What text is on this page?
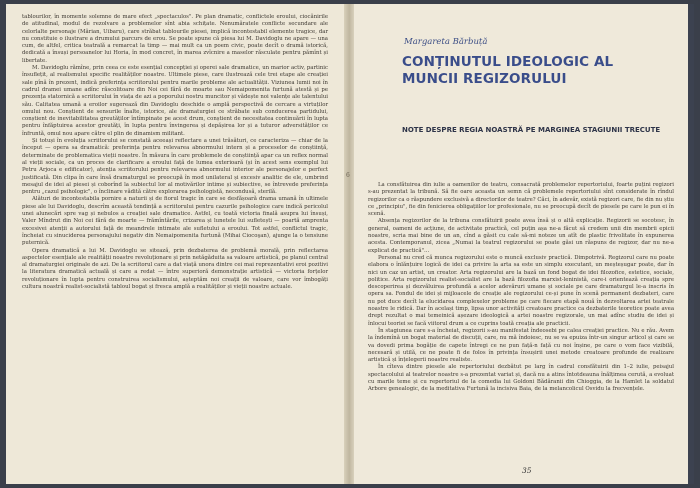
tablourilor, în momente solemne de mare efect „spectaculos". Pe plan dramatic, conflictele eroului, ciocănirile de atitudinal, modul de rezolvare a problemelor sînt abia schițate. Nenumăratele conflicte secundare ale celorlalte personaje (Mărian, Uibaru), care străbat tablourile piesei, implică incontestabil elemente tragice, dar nu constituie o ilustrare a drumului parcurs de erou. Se poate spune că piesa lui M. Davidoglu ne apare — una cum, de altfel, critica teatrală a remarcat la timp — mai mult ca un poem civic, poate decît o dramă istorică, dedicată a însuși persoanelor lui Horia, în mod concret, în marea zvîcnire a maselor răsculate pentru pămînt și libertate.

M. Davidoglu rămîne, prin ceea ce este esențial concepției și operei sale dramatice, un marior activ, partinic însuflețit, al realismului specific realităților noastre. Ultimele piese, care ilustrează cele trei etape ale creației sale pînă în prezent, indică preferința scriitorului pentru marile probleme ale actualității. Viziunea lumii noi în cadrul dramei umane adînc răscolitoare din Noi cei fără de moarte sau Nemaipomenita furtună atestă și pe prezența statornică a scriitorului în viața de azi a poporului nostru muncitor și vădește noi valențe ale talentului său. Calitatea umană a eroilor sugerează din Davidoglu deschide o amplă perspectivă de cercare a virtuților omului nou. Conștient de sensurile înalte, istorice, ale dramaturgiei ce străbate sub conducerea partidului, conștient de inevitabilitatea greutăților întîmpinate pe acest drum, conștient de necesitatea continuării în lupta pentru înfăptuirea acestor greutăți, în lupta pentru învingerea și depășirea lor și a tuturor adversităților ce înfruntă, omul nou apare către el plin de dinamism militant.

Și totuși în evoluția scriitorului se constată aceeași reflectare a unei trăsături, ce caracteriza — chiar de la început — opera sa dramatică: preferința pentru relevarea abnormului intern și a proceselor de conștiință, determinate de problematica vieții noastre. În măsura în care problemele de conștiință apar ca un reflex normal al vieții sociale, ca un proces de clarificare a eroului față de lumea exterioară (și în acest sens exemplul lui Petru Arjoca e edificator), atenția scriitorului pentru relevarea abnormului interior ale personajelor e perfect justificată. Din clipa în care însă dramaturgul se preocupă în mod unilateral și excesiv analitic de ele, umbrind mesajul de idei al piesei și coborînd la subiectul lor al motivărilor intime și subiective, se întrevede preferința pentru „cazul psihologic", o înclinare vădită către explorarea psihologistă, necondusă, sterilă.

Alături de incontestabila pornire a naturii și de fiorul tragic în care se desfășoară drama umană în ultimele piese ale lui Davidoglu, descrîm această tendință a scriitorului pentru cazurile psihologice care indică pericolul unei alunecări spre vag și nebulos a creației sale dramatice. Astfel, cu toată victoria finală asupra lui însuși, Valer Mîndrut din Noi cei fără de moarte — frămîntările, crizarea și lunetele lui sufletești — poartă amprenta excesivei atenții a autorului față de meandrele intimate ale sufletului a eroului. Tot astfel, conflictul tragic, încheiat cu sinuciderea personajului negativ din Nemaipomenita furtună (Mihai Ciocoşan), ajunge la o tensiune puternică.

Opera dramatică a lui M. Davidoglu se sitează, prin dezbaterea de problemă morală, prin reflectarea aspectelor esențiale ale realității noastre revoluționare și prin netăgăduita sa valoare artistică, pe planul central al dramaturgiei originale de azi. De la scriitorul care a dat viață unora dintre cei mai reprezentativi eroi pozitivi la literatura dramatică actuală și care a redat — între superioră demonstrație artistică — victoria forțelor revoluționare în lupta pentru construirea socialismului, așteptăm noi creații de valoare, care vor îmbogăți cultura noastră realist-socialistă tabloul bogat și fresca amplă a realităților și vieții noastre actuale.

6
Margareta Bărbuță
CONȚINUTUL IDEOLOGIC AL MUNCII REGIZORULUI
NOTE DESPRE REGIA NOASTRĂ PE MARGINEA STAGIUNII TRECUTE

La consfătuirea din iulie a oamenilor de teatru, consacrată problemelor repertoriului, foarte puțini regizori s-au prezentat la tribună. Să fie oare aceasta un semn că problemele repertoriului sînt considerate în rîndul regizorilor ca o răspundere exclusivă a directorilor de teatre? Căci, în adevăr, există regizori care, fie din nu știu ce „principiu", fie din fenicierea obligațiilor lor profesionale, nu se preocupă decît de piesele pe care le pun ei în scenă.

Absența regizorilor de la tribuna consfătuirii poate avea însă și o altă explicație. Regizorii se socotesc, în general, oameni de acțiune, de activitate practică, cel puțin așa ne-a făcut să credem unii din membrii epicii noastre, scria mai bine de un an, cînd a găsit cu cale să-mi noteze un atît de plastic frivolitate în expunerea acesta. Contemporanul, zicea „Numai la teatrul regizorului se poate găsi un răspuns de regizor, dar nu ne-a explicat de practică"…

Personal nu cred că munca regizorului este o muncă exclusiv practică. Dimpotrivă. Regizorul care nu poate elabora o înlănțuire logică de idei ca privire la arta sa este un simplu executant, un meșteșugar poate, dar în nici un caz un artist, un creator. Arta regizorului are la bază un fond bogat de idei filozofice, estetice, sociale, politice. Arta regizorului realist-socialist are la bază filozofia marxist-leninistă, care-i orientează creația spre descoperirea și dezvăluirea profundă a acelor adevăruri umane și sociale pe care dramaturgul le-a inscris în opera sa. Fondul de idei și mijloacele de creație ale regizorului ce-și pune în scenă permanent dezbateri, care nu pot duce decît la elucidarea complexelor probleme pe care fiecare etapă nouă în dezvoltarea artei teatrale noastre le ridică. Dar în același timp, lipsa unor activități creatoare practice ca dezbaterile teoretice poate avea drept rezultat o mai temeinică așezare ideologică a artei noastre regizorale, un mai adînc studiu de idei și înlocui teoriei se facă viitorul drum a ce cuprins toată creația ale practicii.

În stagiunea care s-a încheiat, regizorii s-au manifestat îndeosebi pe calea creației practice. Nu e rău. Avem la îndemînă un bogat material de discuții, care, nu mă îndoiesc, nu se va epuiza într-un singur articol și care se va dovedi prima bogăție de capete întregi ce ne pun față-n față cu noi înșine, pe care o vom face vizibilă, necesară și utilă, ce ne poate fi de folos în privința însușirii unei metode creatoare profunde de realizare artistică și înțelegerii noastre realiste.

În cîteva dintre piesele ale repertoriului dezbătut pe larg în cadrul consfătuirii din 1–2 iulie, peisajul spectacolului al teatrelor noastre s-a prezentat variat și, dacă nu a atins întotdeauna înălțimea cerută, a evoluat cu marile teme și cu repertoriul de la comedia lui Goldoni Bădăranii din Chioggia, de la Hamlet la soldatul Arbore genealogic, de la meditativa Furtună la incisiva Baia, de la melancolicul Osvidu la frecvențele.

35
